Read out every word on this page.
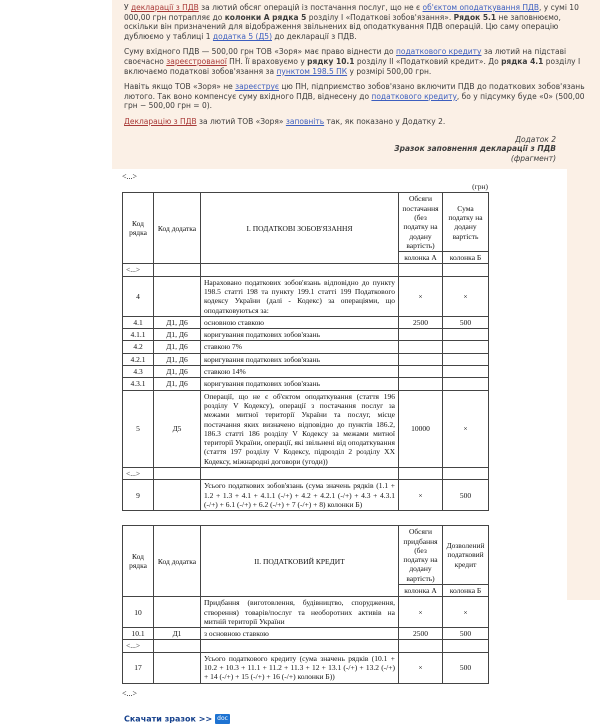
У декларації з ПДВ за лютий обсяг операцій із постачання послуг, що не є об'єктом оподаткування ПДВ, у сумі 10 000,00 грн потрапляє до колонки А рядка 5 розділу І «Податкові зобов'язання». Рядок 5.1 не заповнюємо, оскільки він призначений для відображення звільнених від оподаткування ПДВ операцій. Цю саму операцію дублюємо у таблиці 1 додатка 5 (Д5) до декларації з ПДВ.

Суму вхідного ПДВ — 500,00 грн ТОВ «Зоря» має право віднести до податкового кредиту за лютий на підставі своєчасно зареєстрованої ПН. Її враховуємо у рядку 10.1 розділу ІІ «Податковий кредит». До рядка 4.1 розділу І включаємо податкові зобов'язання за пунктом 198.5 ПК у розмірі 500,00 грн.

Навіть якщо ТОВ «Зоря» не зареєструє цю ПН, підприємство зобов'язано включити ПДВ до податкових зобов'язань лютого. Так воно компенсує суму вхідного ПДВ, віднесену до податкового кредиту, бо у підсумку буде «0» (500,00 грн − 500,00 грн = 0).

Декларацію з ПДВ за лютий ТОВ «Зоря» заповніть так, як показано у Додатку 2.

Додаток 2
Зразок заповнення декларації з ПДВ
(фрагмент)
<...>
(грн)
Код рядка	Код додатка	І. ПОДАТКОВІ ЗОБОВ'ЯЗАННЯ	Обсяги постачання (без податку на додану вартість)	Сума податку на додану вартість
			колонка А	колонка Б
<...>				
4		Нараховано податкових зобов'язань відповідно до пункту 198.5 статті 198 та пункту 199.1 статті 199 Податкового кодексу України (далі - Кодекс) за операціями, що оподатковуються за:	×	×
4.1	Д1, Д6	основною ставкою	2500	500
4.1.1	Д1, Д6	коригування податкових зобов'язань		
4.2	Д1, Д6	ставкою 7%		
4.2.1	Д1, Д6	коригування податкових зобов'язань		
4.3	Д1, Д6	ставкою 14%		
4.3.1	Д1, Д6	коригування податкових зобов'язань		
5	Д5	Операції, що не є об'єктом оподаткування (стаття 196 розділу V Кодексу), операції з постачання послуг за межами митної території України та послуг, місце постачання яких визначено відповідно до пунктів 186.2, 186.3 статті 186 розділу V Кодексу за межами митної території України, операції, які звільнені від оподаткування (стаття 197 розділу V Кодексу, підрозділ 2 розділу XX Кодексу, міжнародні договори (угоди))	10000	×
<...>				
9		Усього податкових зобов'язань (сума значень рядків (1.1 + 1.2 + 1.3 + 4.1 + 4.1.1 (-/+) + 4.2 + 4.2.1 (-/+) + 4.3 + 4.3.1 (-/+) + 6.1 (-/+) + 6.2 (-/+) + 7 (-/+) + 8) колонки Б)	×	500
Код рядка	Код додатка	ІІ. ПОДАТКОВИЙ КРЕДИТ	Обсяги придбання (без податку на додану вартість)	Дозволений податковий кредит
			колонка А	колонка Б
10		Придбання (виготовлення, будівництво, спорудження, створення) товарів/послуг та необоротних активів на митній території України	×	×
10.1	Д1	з основною ставкою	2500	500
<...>				
17		Усього податкового кредиту (сума значень рядків (10.1 + 10.2 + 10.3 + 11.1 + 11.2 + 11.3 + 12 + 13.1 (-/+) + 13.2 (-/+) + 14 (-/+) + 15 (-/+) + 16 (-/+) колонки Б))	×	500
<...>
Скачати зразок >> doc
